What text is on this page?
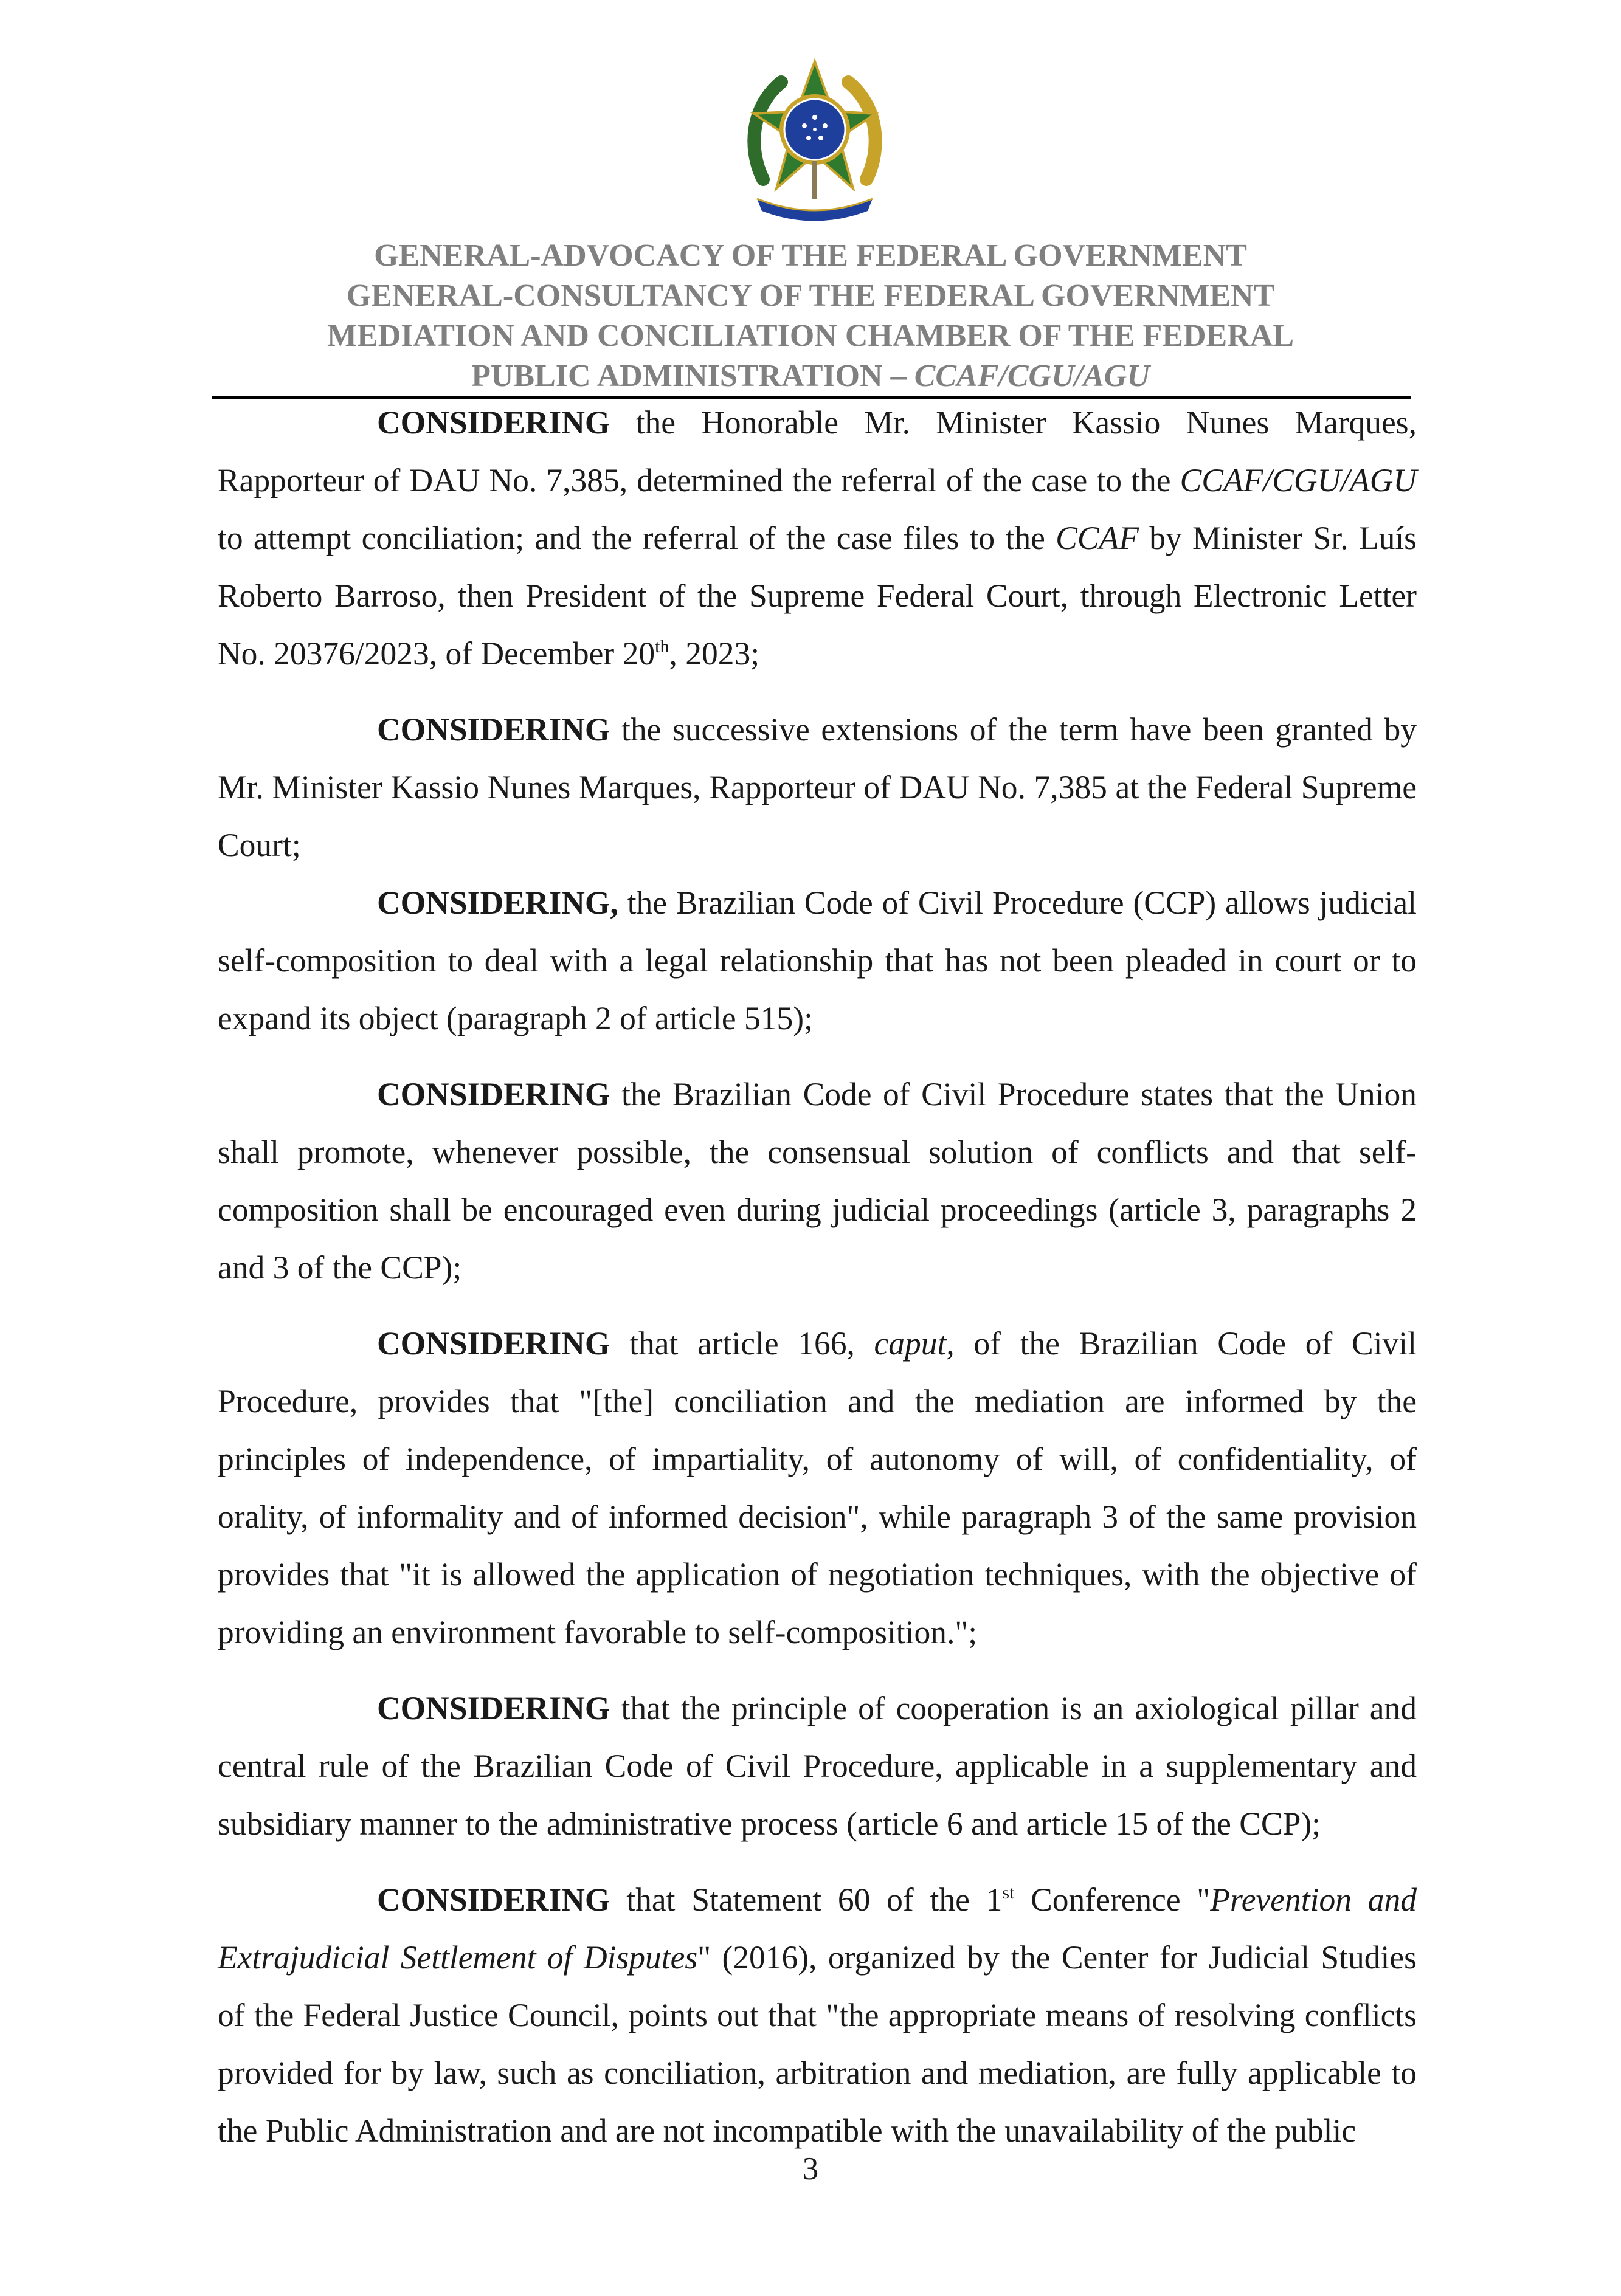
GENERAL-ADVOCACY OF THE FEDERAL GOVERNMENT
GENERAL-CONSULTANCY OF THE FEDERAL GOVERNMENT
MEDIATION AND CONCILIATION CHAMBER OF THE FEDERAL
PUBLIC ADMINISTRATION – CCAF/CGU/AGU

CONSIDERING the Honorable Mr. Minister Kassio Nunes Marques, Rapporteur of DAU No. 7,385, determined the referral of the case to the CCAF/CGU/AGU to attempt conciliation; and the referral of the case files to the CCAF by Minister Sr. Luís Roberto Barroso, then President of the Supreme Federal Court, through Electronic Letter No. 20376/2023, of December 20th, 2023;

CONSIDERING the successive extensions of the term have been granted by Mr. Minister Kassio Nunes Marques, Rapporteur of DAU No. 7,385 at the Federal Supreme Court;

CONSIDERING, the Brazilian Code of Civil Procedure (CCP) allows judicial self-composition to deal with a legal relationship that has not been pleaded in court or to expand its object (paragraph 2 of article 515);

CONSIDERING the Brazilian Code of Civil Procedure states that the Union shall promote, whenever possible, the consensual solution of conflicts and that self-composition shall be encouraged even during judicial proceedings (article 3, paragraphs 2 and 3 of the CCP);

CONSIDERING that article 166, caput, of the Brazilian Code of Civil Procedure, provides that "[the] conciliation and the mediation are informed by the principles of independence, of impartiality, of autonomy of will, of confidentiality, of orality, of informality and of informed decision", while paragraph 3 of the same provision provides that "it is allowed the application of negotiation techniques, with the objective of providing an environment favorable to self-composition.";

CONSIDERING that the principle of cooperation is an axiological pillar and central rule of the Brazilian Code of Civil Procedure, applicable in a supplementary and subsidiary manner to the administrative process (article 6 and article 15 of the CCP);

CONSIDERING that Statement 60 of the 1st Conference "Prevention and Extrajudicial Settlement of Disputes" (2016), organized by the Center for Judicial Studies of the Federal Justice Council, points out that "the appropriate means of resolving conflicts provided for by law, such as conciliation, arbitration and mediation, are fully applicable to the Public Administration and are not incompatible with the unavailability of the public

3
